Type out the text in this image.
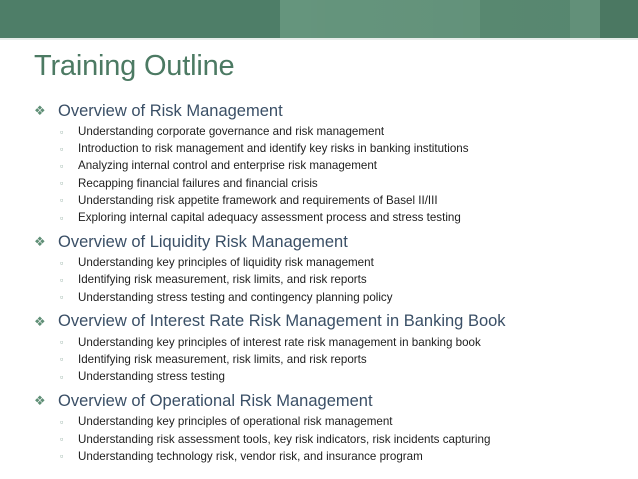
Training Outline
❖ Overview of Risk Management
▫	Understanding corporate governance and risk management
▫	Introduction to risk management and identify key risks in banking institutions
▫	Analyzing internal control and enterprise risk management
▫	Recapping financial failures and financial crisis
▫	Understanding risk appetite framework and requirements of Basel II/III
▫	Exploring internal capital adequacy assessment process and stress testing
❖ Overview of Liquidity Risk Management
▫	Understanding key principles of liquidity risk management
▫	Identifying risk measurement, risk limits, and risk reports
▫	Understanding stress testing and contingency planning policy
❖ Overview of Interest Rate Risk Management in Banking Book
▫	Understanding key principles of interest rate risk management in banking book
▫	Identifying risk measurement, risk limits, and risk reports
▫	Understanding stress testing
❖ Overview of Operational Risk Management
▫	Understanding key principles of operational risk management
▫	Understanding risk assessment tools, key risk indicators, risk incidents capturing
▫	Understanding technology risk, vendor risk, and insurance program
